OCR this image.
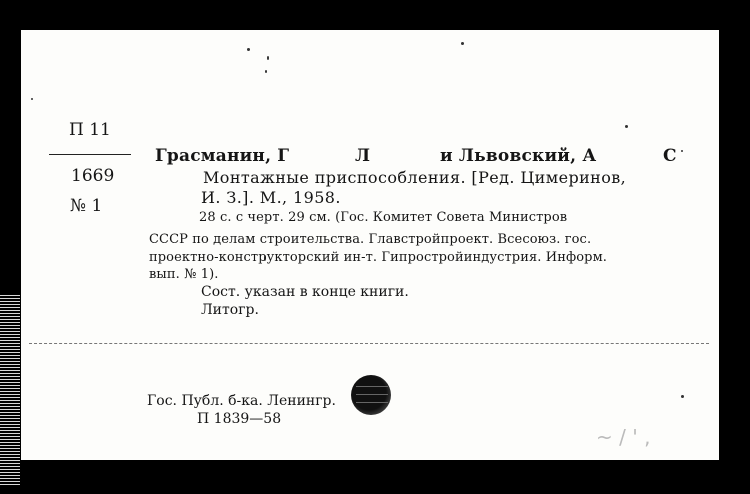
П 11
1669
№ 1
Грасманин, Г	Л	и Львовский, А	С
Монтажные приспособления. [Ред. Цимеринов,
И. З.]. М., 1958.
28 с. с черт. 29 см. (Гос. Комитет Совета Министров
СССР по делам строительства. Главстройпроект. Всесоюз. гос.
проектно-конструкторский ин-т. Гипростройиндустрия. Информ.
вып. № 1).
Сост. указан в конце книги.
Литогр.
Гос. Публ. б-ка. Ленингр.
П 1839—58
~ / ' ,
